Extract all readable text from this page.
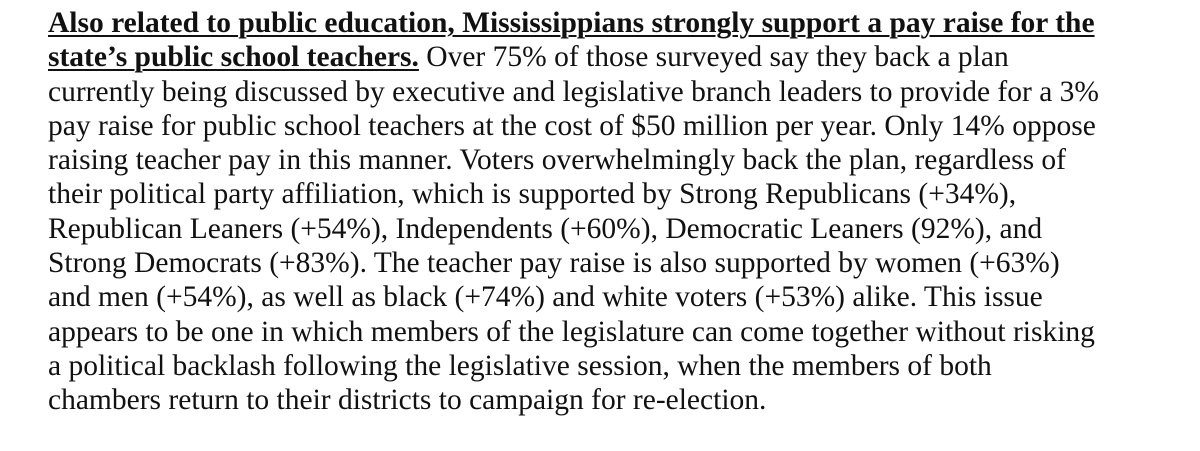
Also related to public education, Mississippians strongly support a pay raise for the
state’s public school teachers. Over 75% of those surveyed say they back a plan
currently being discussed by executive and legislative branch leaders to provide for a 3%
pay raise for public school teachers at the cost of $50 million per year. Only 14% oppose
raising teacher pay in this manner. Voters overwhelmingly back the plan, regardless of
their political party affiliation, which is supported by Strong Republicans (+34%),
Republican Leaners (+54%), Independents (+60%), Democratic Leaners (92%), and
Strong Democrats (+83%). The teacher pay raise is also supported by women (+63%)
and men (+54%), as well as black (+74%) and white voters (+53%) alike. This issue
appears to be one in which members of the legislature can come together without risking
a political backlash following the legislative session, when the members of both
chambers return to their districts to campaign for re-election.
